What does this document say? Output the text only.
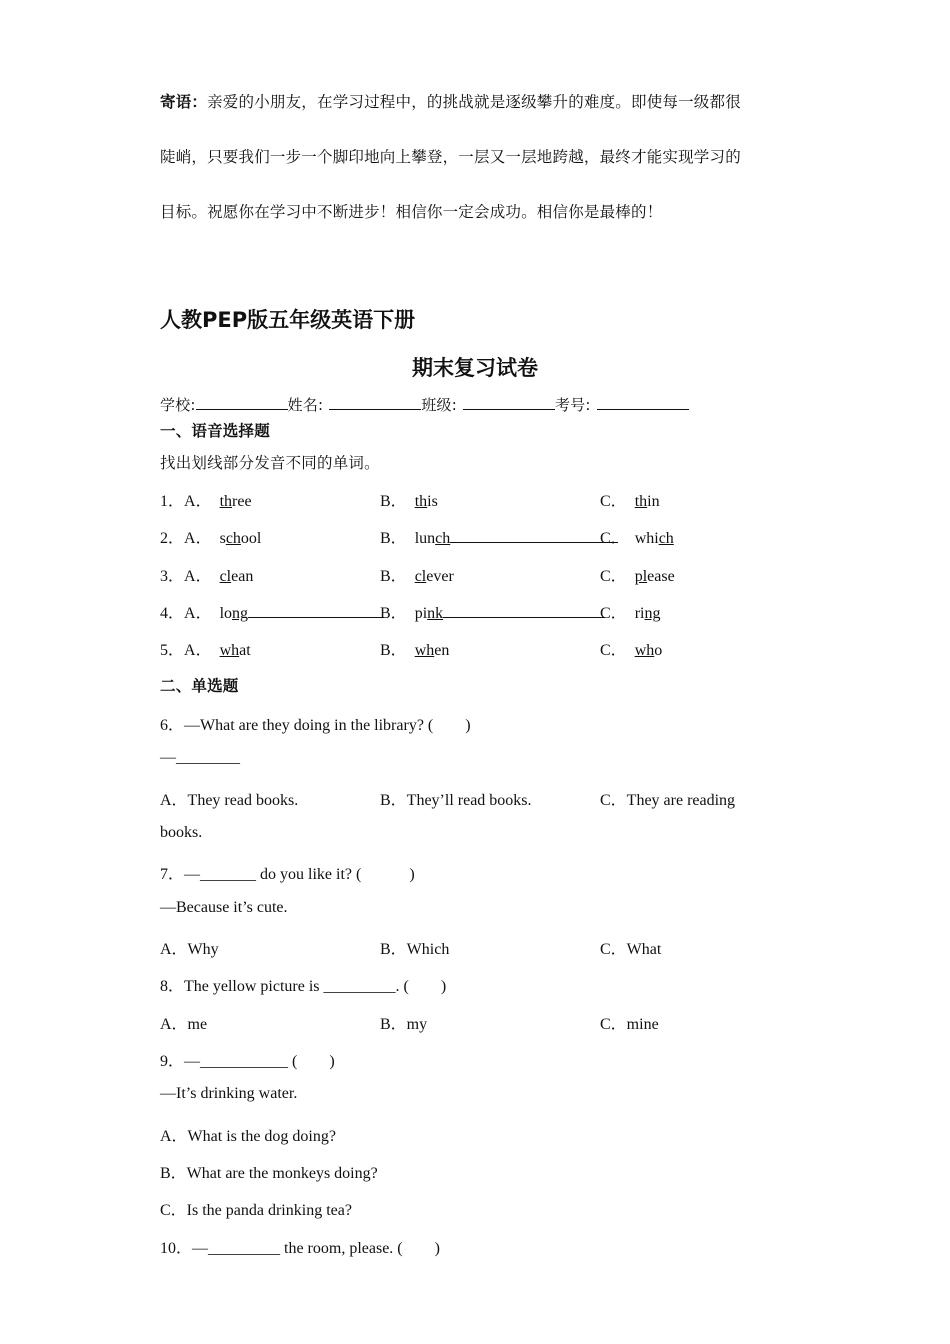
寄语：亲爱的小朋友，在学习过程中，的挑战就是逐级攀升的难度。即使每一级都很
陡峭，只要我们一步一个脚印地向上攀登，一层又一层地跨越，最终才能实现学习的
目标。祝愿你在学习中不断进步！相信你一定会成功。相信你是最棒的！
人教PEP版五年级英语下册
期末复习试卷
学校:	姓名:	班级:	考号:
一、语音选择题
找出划线部分发音不同的单词。
1．A． three	B． this	C． thin
2．A． school	B． lunch	C． which
3．A． clean	B． clever	C． please
4．A． long	B． pink	C． ring
5．A． what	B． when	C． who
二、单选题
6．—What are they doing in the library? (　　)
—________
A．They read books.	B．They’ll read books.	C．They are reading
books.
7．—_______ do you like it? (　　　)
—Because it’s cute.
A．Why	B．Which	C．What
8．The yellow picture is _________. (　　)
A．me	B．my	C．mine
9．—___________ (　　)
—It’s drinking water.
A．What is the dog doing?
B．What are the monkeys doing?
C．Is the panda drinking tea?
10．—_________ the room, please. (　　)
